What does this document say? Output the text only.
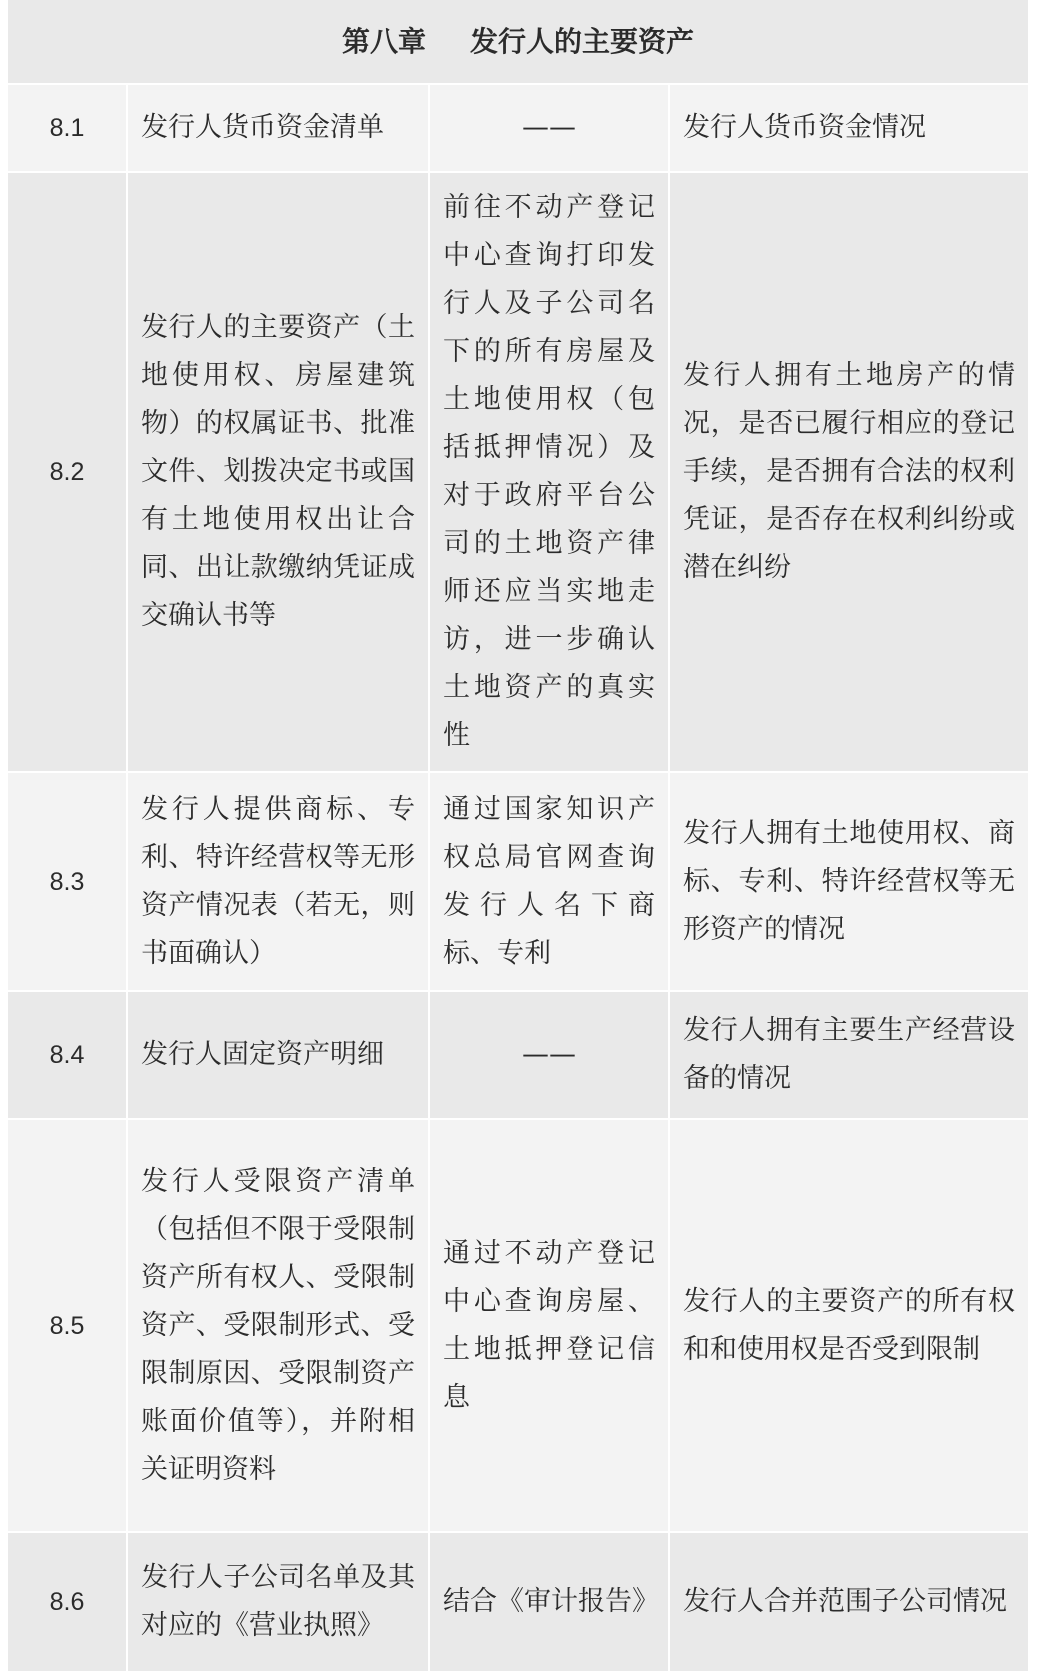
第八章 发行人的主要资产			
8.1	发行人货币资金清单	——	发行人货币资金情况
8.2	发行人的主要资产（土地使用权、房屋建筑物）的权属证书、批准文件、划拨决定书或国有土地使用权出让合同、出让款缴纳凭证成交确认书等	前往不动产登记中心查询打印发行人及子公司名下的所有房屋及土地使用权（包括抵押情况）及对于政府平台公司的土地资产律师还应当实地走访，进一步确认土地资产的真实性	发行人拥有土地房产的情况，是否已履行相应的登记手续，是否拥有合法的权利凭证，是否存在权利纠纷或潜在纠纷
8.3	发行人提供商标、专利、特许经营权等无形资产情况表（若无，则书面确认）	通过国家知识产权总局官网查询发行人名下商标、专利	发行人拥有土地使用权、商标、专利、特许经营权等无形资产的情况
8.4	发行人固定资产明细	——	发行人拥有主要生产经营设备的情况
8.5	发行人受限资产清单（包括但不限于受限制资产所有权人、受限制资产、受限制形式、受限制原因、受限制资产账面价值等），并附相关证明资料	通过不动产登记中心查询房屋、土地抵押登记信息	发行人的主要资产的所有权和和使用权是否受到限制
8.6	发行人子公司名单及其对应的《营业执照》	结合《审计报告》	发行人合并范围子公司情况
